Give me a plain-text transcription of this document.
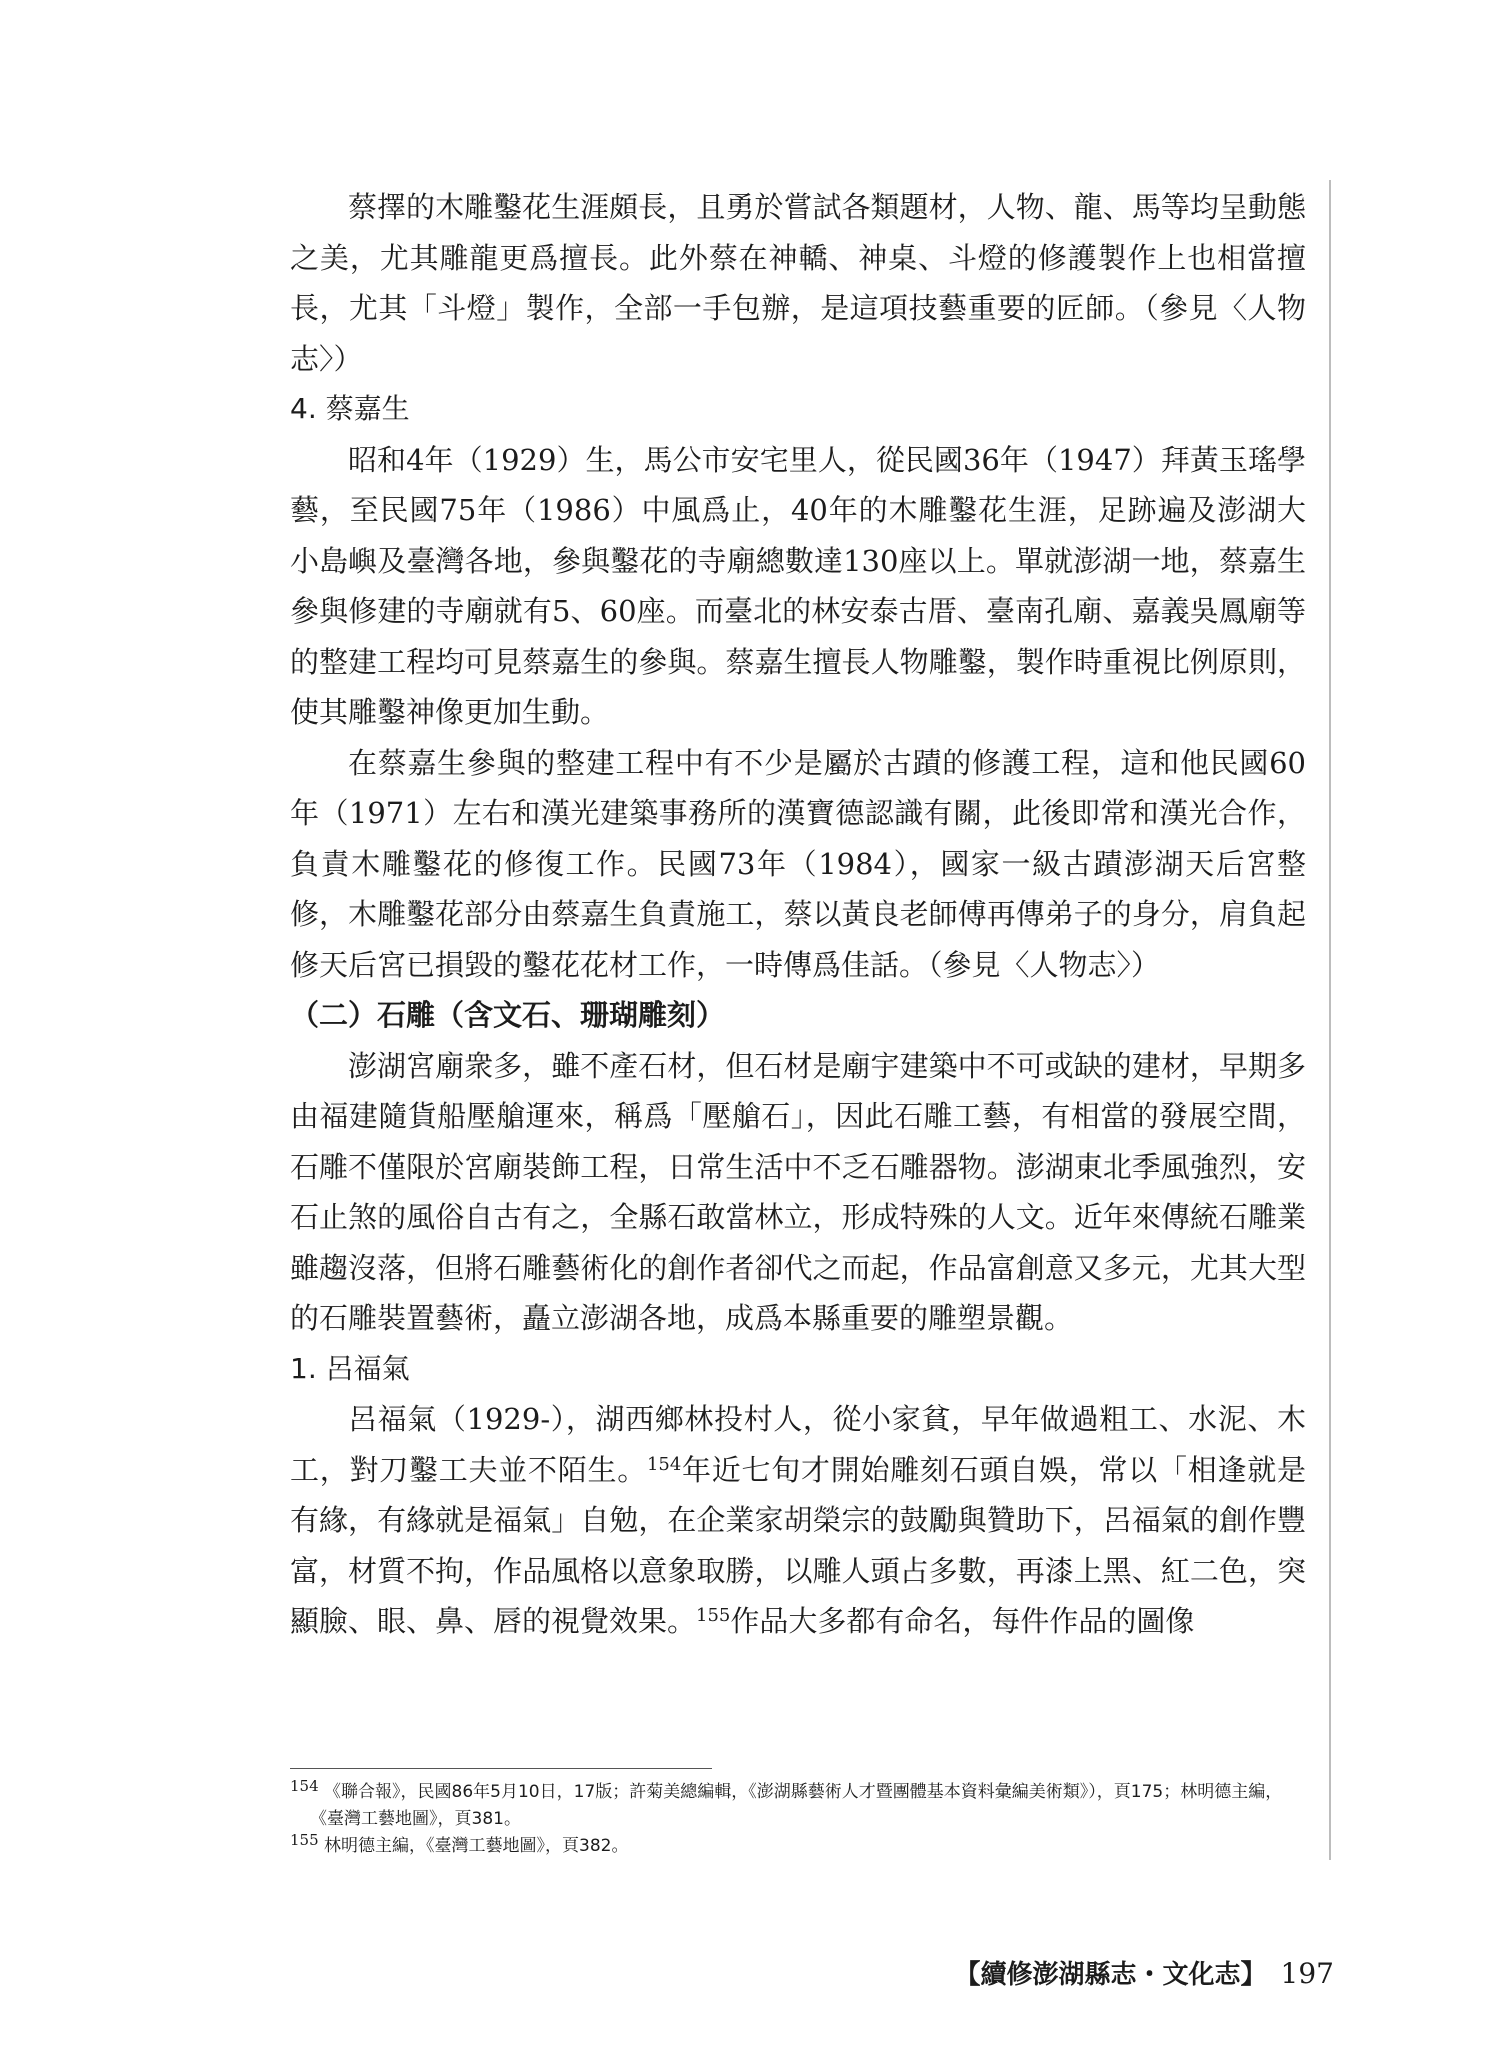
蔡擇的木雕鑿花生涯頗長，且勇於嘗試各類題材，人物、龍、馬等均呈動態之美，尤其雕龍更爲擅長。此外蔡在神轎、神桌、斗燈的修護製作上也相當擅長，尤其「斗燈」製作，全部一手包辦，是這項技藝重要的匠師。（參見〈人物志〉）

4. 蔡嘉生

昭和4年（1929）生，馬公市安宅里人，從民國36年（1947）拜黃玉瑤學藝，至民國75年（1986）中風爲止，40年的木雕鑿花生涯，足跡遍及澎湖大小島嶼及臺灣各地，參與鑿花的寺廟總數達130座以上。單就澎湖一地，蔡嘉生參與修建的寺廟就有5、60座。而臺北的林安泰古厝、臺南孔廟、嘉義吳鳳廟等的整建工程均可見蔡嘉生的參與。蔡嘉生擅長人物雕鑿，製作時重視比例原則，使其雕鑿神像更加生動。

在蔡嘉生參與的整建工程中有不少是屬於古蹟的修護工程，這和他民國60年（1971）左右和漢光建築事務所的漢寶德認識有關，此後即常和漢光合作，負責木雕鑿花的修復工作。民國73年（1984），國家一級古蹟澎湖天后宮整修，木雕鑿花部分由蔡嘉生負責施工，蔡以黃良老師傅再傳弟子的身分，肩負起修天后宮已損毀的鑿花花材工作，一時傳爲佳話。（參見〈人物志〉）

（二）石雕（含文石、珊瑚雕刻）

澎湖宮廟衆多，雖不產石材，但石材是廟宇建築中不可或缺的建材，早期多由福建隨貨船壓艙運來，稱爲「壓艙石」，因此石雕工藝，有相當的發展空間，石雕不僅限於宮廟裝飾工程，日常生活中不乏石雕器物。澎湖東北季風強烈，安石止煞的風俗自古有之，全縣石敢當林立，形成特殊的人文。近年來傳統石雕業雖趨沒落，但將石雕藝術化的創作者卻代之而起，作品富創意又多元，尤其大型的石雕裝置藝術，矗立澎湖各地，成爲本縣重要的雕塑景觀。

1. 呂福氣

呂福氣（1929-），湖西鄉林投村人，從小家貧，早年做過粗工、水泥、木工，對刀鑿工夫並不陌生。$^{154}$年近七旬才開始雕刻石頭自娛，常以「相逢就是有緣，有緣就是福氣」自勉，在企業家胡榮宗的鼓勵與贊助下，呂福氣的創作豐富，材質不拘，作品風格以意象取勝，以雕人頭占多數，再漆上黑、紅二色，突顯臉、眼、鼻、唇的視覺效果。$^{155}$作品大多都有命名，每件作品的圖像

$^{154}$ 《聯合報》，民國86年5月10日，17版；許菊美總編輯，《澎湖縣藝術人才暨團體基本資料彙編美術類》），頁175；林明德主編，《臺灣工藝地圖》，頁381。

$^{155}$ 林明德主編，《臺灣工藝地圖》，頁382。

【續修澎湖縣志・文化志】 197
